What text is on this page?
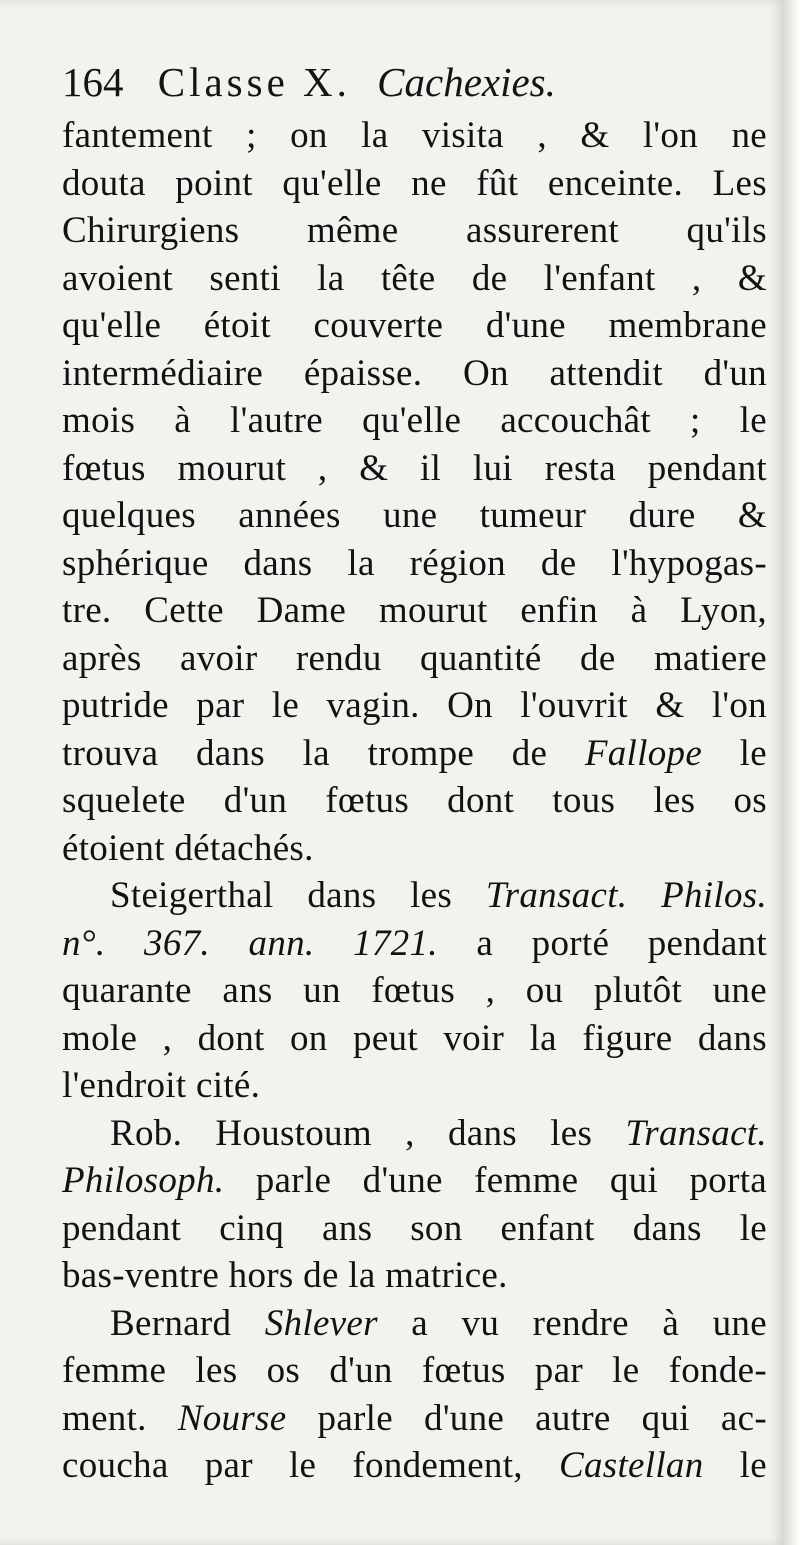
164 Classe X. Cachexies.
fantement ; on la visita , & l'on ne
douta point qu'elle ne fût enceinte. Les
Chirurgiens même assurerent qu'ils
avoient senti la tête de l'enfant , &
qu'elle étoit couverte d'une membrane
intermédiaire épaisse. On attendit d'un
mois à l'autre qu'elle accouchât ; le
fœtus mourut , & il lui resta pendant
quelques années une tumeur dure &
sphérique dans la région de l'hypogas-
tre. Cette Dame mourut enfin à Lyon,
après avoir rendu quantité de matiere
putride par le vagin. On l'ouvrit & l'on
trouva dans la trompe de Fallope le
squelete d'un fœtus dont tous les os
étoient détachés.
Steigerthal dans les Transact. Philos.
n°. 367. ann. 1721. a porté pendant
quarante ans un fœtus , ou plutôt une
mole , dont on peut voir la figure dans
l'endroit cité.
Rob. Houstoum , dans les Transact.
Philosoph. parle d'une femme qui porta
pendant cinq ans son enfant dans le
bas-ventre hors de la matrice.
Bernard Shlever a vu rendre à une
femme les os d'un fœtus par le fonde-
ment. Nourse parle d'une autre qui ac-
coucha par le fondement, Castellan le
